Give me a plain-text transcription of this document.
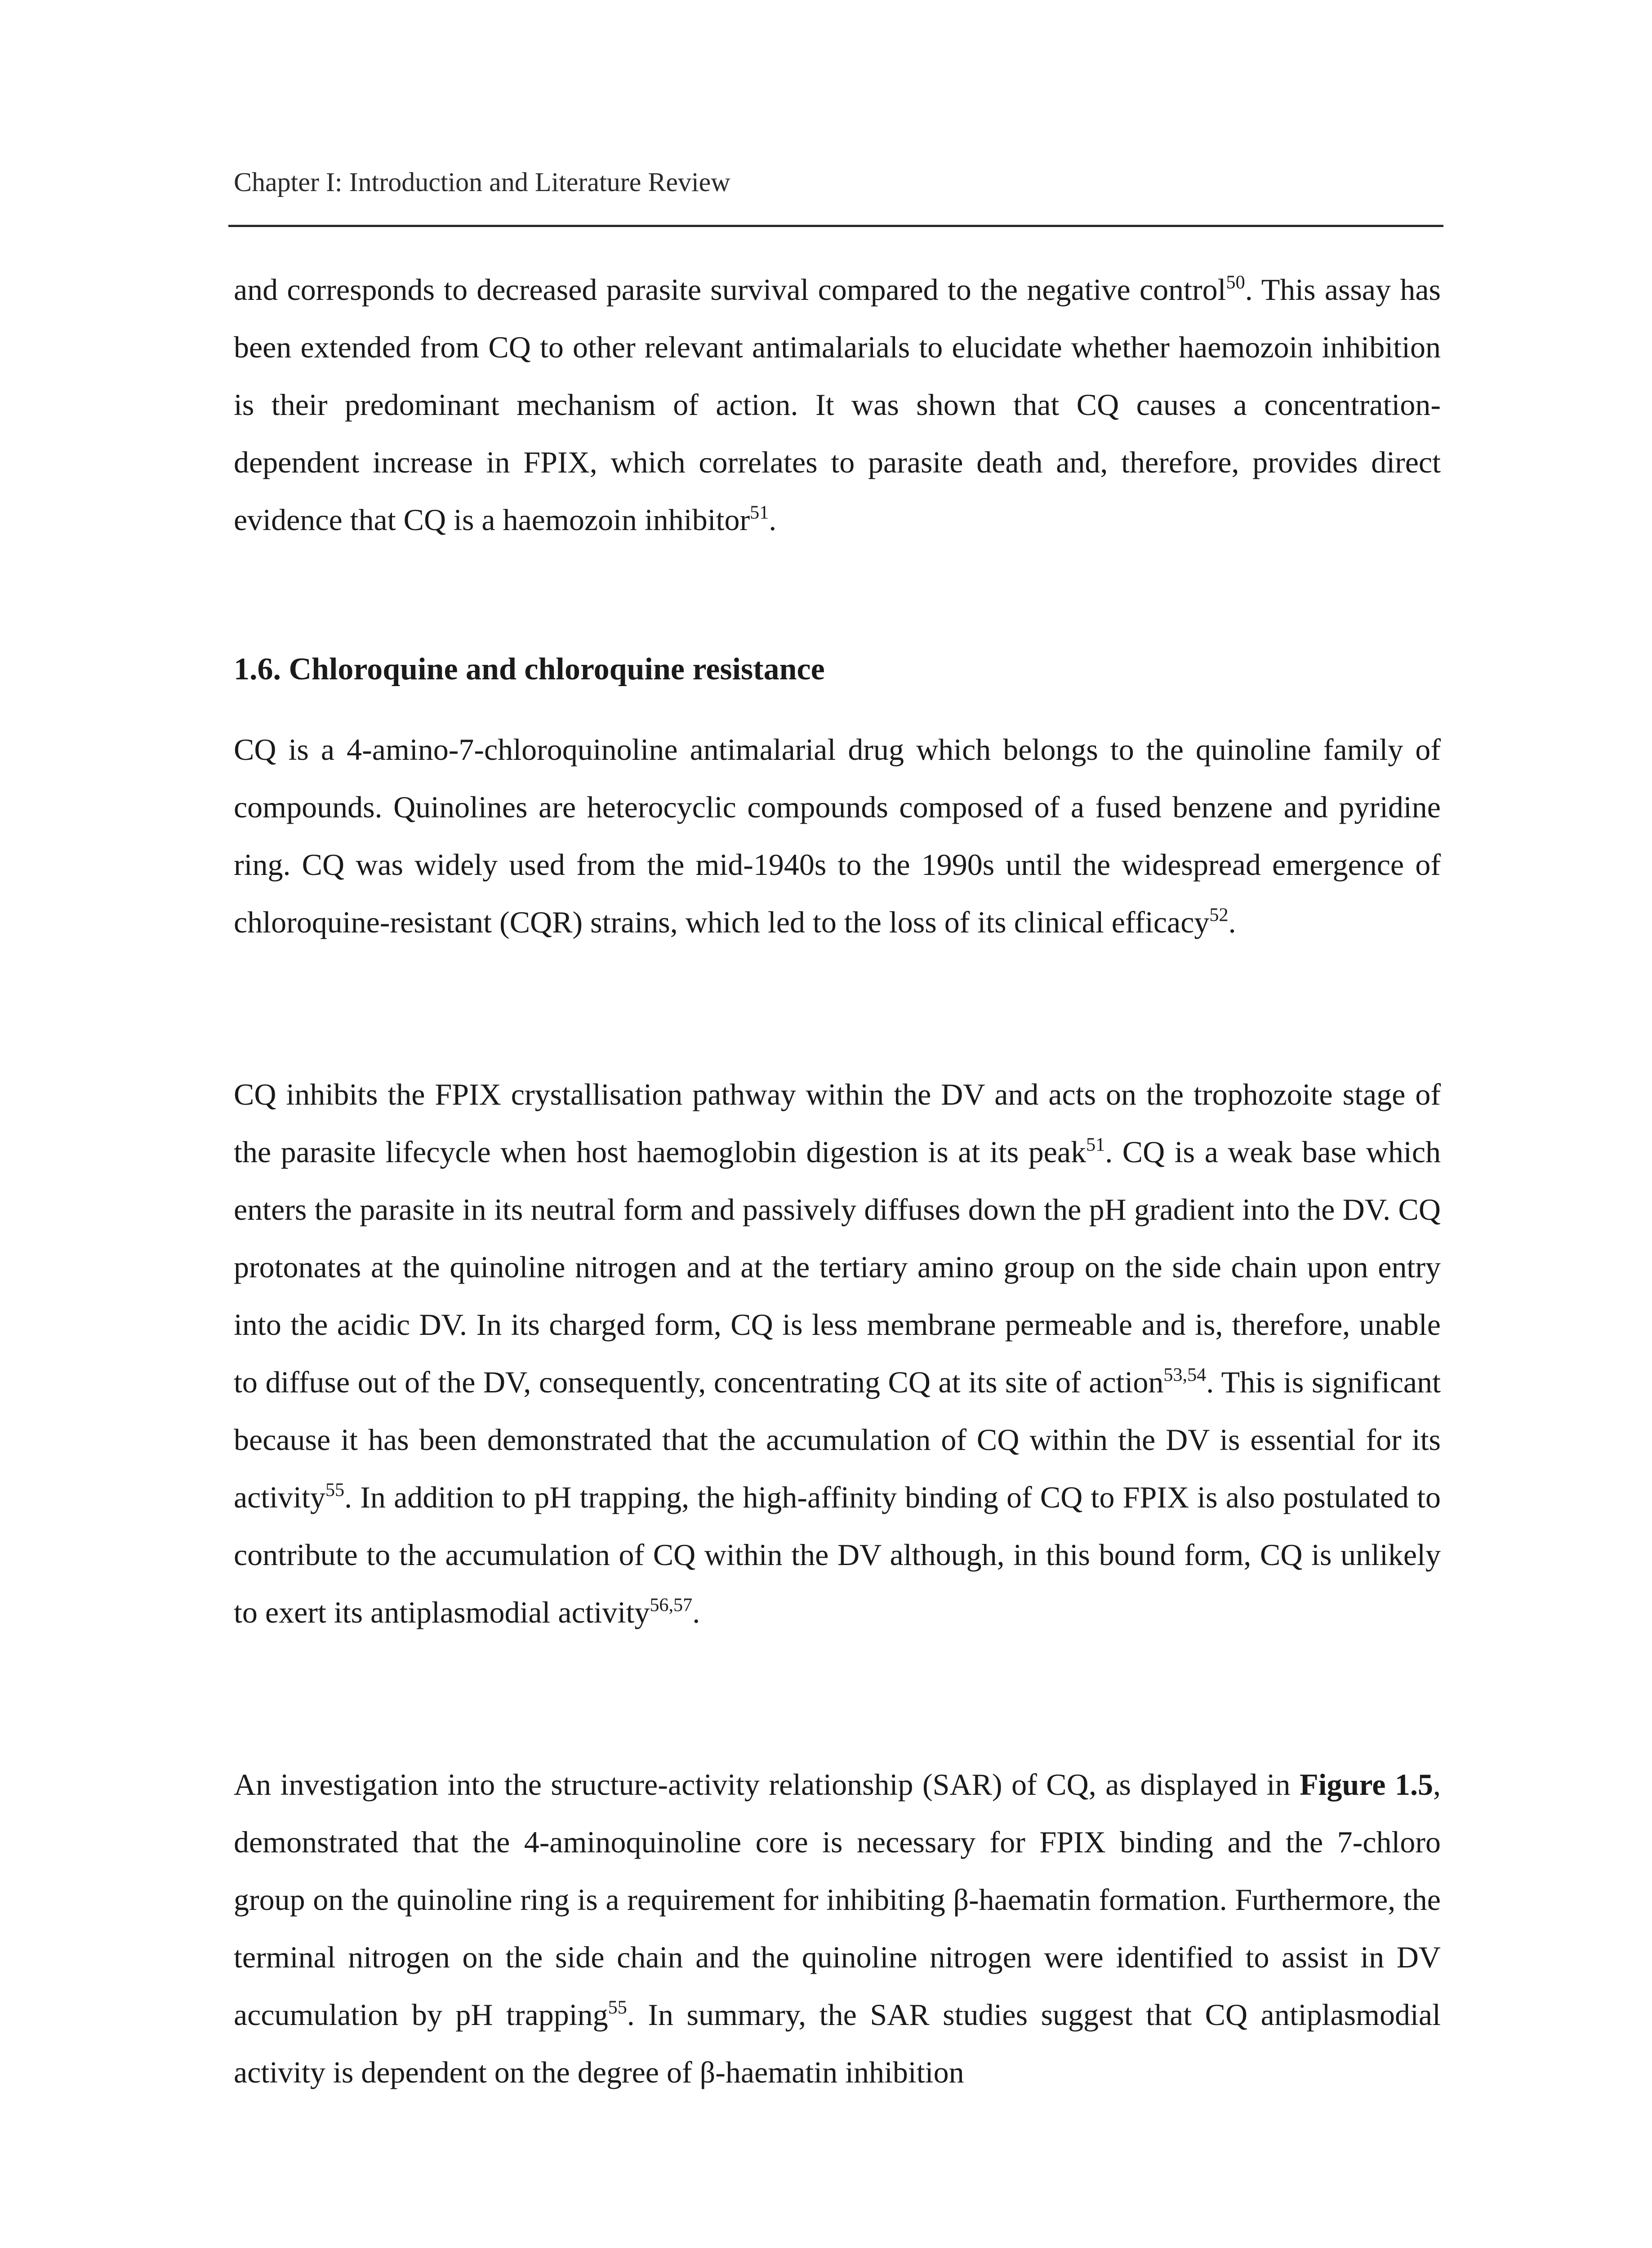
Chapter I: Introduction and Literature Review

and corresponds to decreased parasite survival compared to the negative control$^{50}$. This assay has been extended from CQ to other relevant antimalarials to elucidate whether haemozoin inhibition is their predominant mechanism of action. It was shown that CQ causes a concentration-dependent increase in FPIX, which correlates to parasite death and, therefore, provides direct evidence that CQ is a haemozoin inhibitor$^{51}$.

1.6. Chloroquine and chloroquine resistance

CQ is a 4-amino-7-chloroquinoline antimalarial drug which belongs to the quinoline family of compounds. Quinolines are heterocyclic compounds composed of a fused benzene and pyridine ring. CQ was widely used from the mid-1940s to the 1990s until the widespread emergence of chloroquine-resistant (CQR) strains, which led to the loss of its clinical efficacy$^{52}$.

CQ inhibits the FPIX crystallisation pathway within the DV and acts on the trophozoite stage of the parasite lifecycle when host haemoglobin digestion is at its peak$^{51}$. CQ is a weak base which enters the parasite in its neutral form and passively diffuses down the pH gradient into the DV. CQ protonates at the quinoline nitrogen and at the tertiary amino group on the side chain upon entry into the acidic DV. In its charged form, CQ is less membrane permeable and is, therefore, unable to diffuse out of the DV, consequently, concentrating CQ at its site of action$^{53,54}$. This is significant because it has been demonstrated that the accumulation of CQ within the DV is essential for its activity$^{55}$. In addition to pH trapping, the high-affinity binding of CQ to FPIX is also postulated to contribute to the accumulation of CQ within the DV although, in this bound form, CQ is unlikely to exert its antiplasmodial activity$^{56,57}$.

An investigation into the structure-activity relationship (SAR) of CQ, as displayed in Figure 1.5, demonstrated that the 4-aminoquinoline core is necessary for FPIX binding and the 7-chloro group on the quinoline ring is a requirement for inhibiting β-haematin formation. Furthermore, the terminal nitrogen on the side chain and the quinoline nitrogen were identified to assist in DV accumulation by pH trapping$^{55}$. In summary, the SAR studies suggest that CQ antiplasmodial activity is dependent on the degree of β-haematin inhibition
